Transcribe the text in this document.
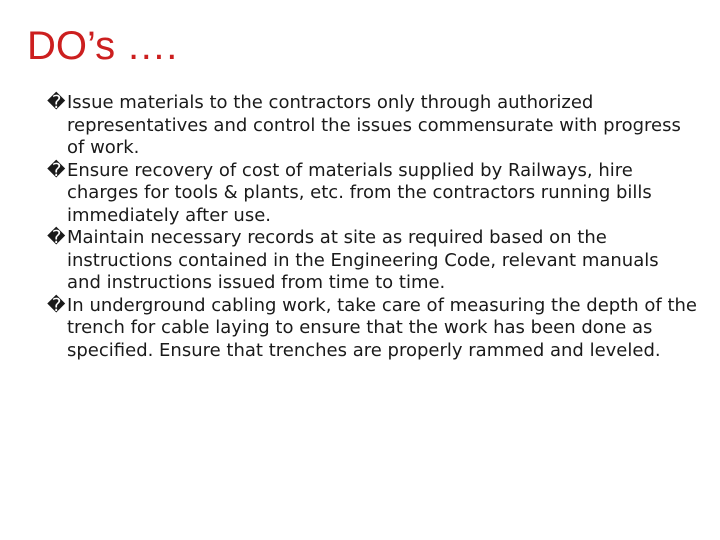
DO’s ….
� Issue materials to the contractors only through authorized representatives and control the issues commensurate with progress of work.
� Ensure recovery of cost of materials supplied by Railways, hire charges for tools & plants, etc. from the contractors running bills immediately after use.
� Maintain necessary records at site as required based on the instructions contained in the Engineering Code, relevant manuals and instructions issued from time to time.
� In underground cabling work, take care of measuring the depth of the trench for cable laying to ensure that the work has been done as specified. Ensure that trenches are properly rammed and leveled.
